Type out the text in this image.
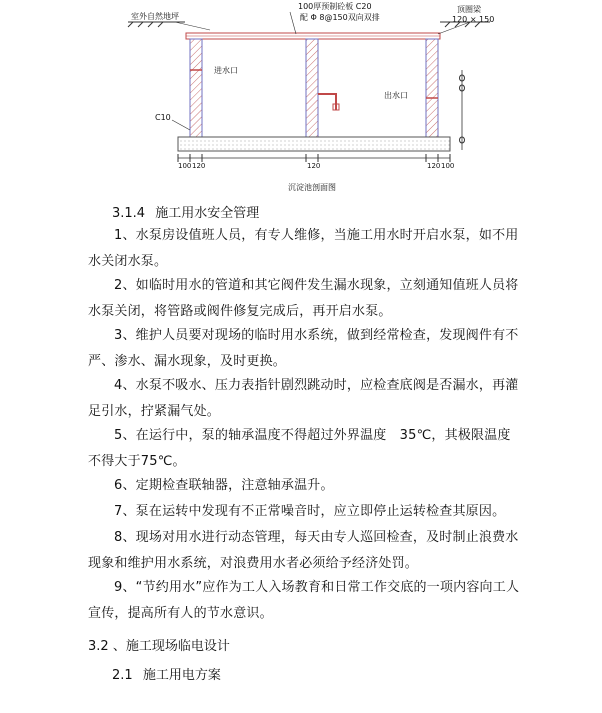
室外自然地坪
100厚预制砼板 C20
配 Φ 8@150双向双排
顶圈梁
120 × 150
进水口
出水口
C10
100 120	120	120 100
沉淀池剖面图
3.1.4 施工用水安全管理

1、水泵房设值班人员，有专人维修，当施工用水时开启水泵，如不用水关闭水泵。

2、如临时用水的管道和其它阀件发生漏水现象，立刻通知值班人员将水泵关闭，将管路或阀件修复完成后，再开启水泵。

3、维护人员要对现场的临时用水系统，做到经常检查，发现阀件有不严、渗水、漏水现象，及时更换。

4、水泵不吸水、压力表指针剧烈跳动时，应检查底阀是否漏水，再灌足引水，拧紧漏气处。

5、在运行中，泵的轴承温度不得超过外界温度　35℃，其极限温度不得大于75℃。

6、定期检查联轴器，注意轴承温升。

7、泵在运转中发现有不正常噪音时，应立即停止运转检查其原因。

8、现场对用水进行动态管理，每天由专人巡回检查，及时制止浪费水现象和维护用水系统，对浪费用水者必须给予经济处罚。

9、“节约用水”应作为工人入场教育和日常工作交底的一项内容向工人宣传，提高所有人的节水意识。

3.2 、施工现场临电设计
2.1 施工用电方案
